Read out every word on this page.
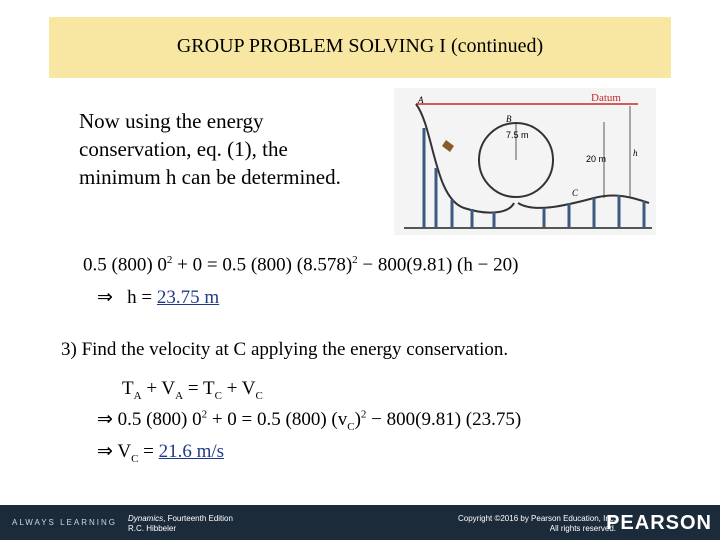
GROUP PROBLEM SOLVING I (continued)
Now using the energy
conservation, eq. (1), the
minimum h can be determined.
Datum
A
B
C
7.5 m
20 m
h
0.5 (800) $0^2 + 0 = 0.5$ (800) $(8.578)^2 - 800(9.81) (h - 20)$
⇒ h = 23.75 m
3) Find the velocity at C applying the energy conservation.
$T_A + V_A = T_C + V_C$
⇒ 0.5 (800) $0^2 + 0 = 0.5$ (800) $(v_C)^2 - 800(9.81)$ (23.75)
⇒ $V_C = 21.6$ m/s
ALWAYS LEARNING Dynamics, Fourteenth Edition
R.C. Hibbeler
Copyright ©2016 by Pearson Education, Inc.
All rights reserved.
PEARSON
